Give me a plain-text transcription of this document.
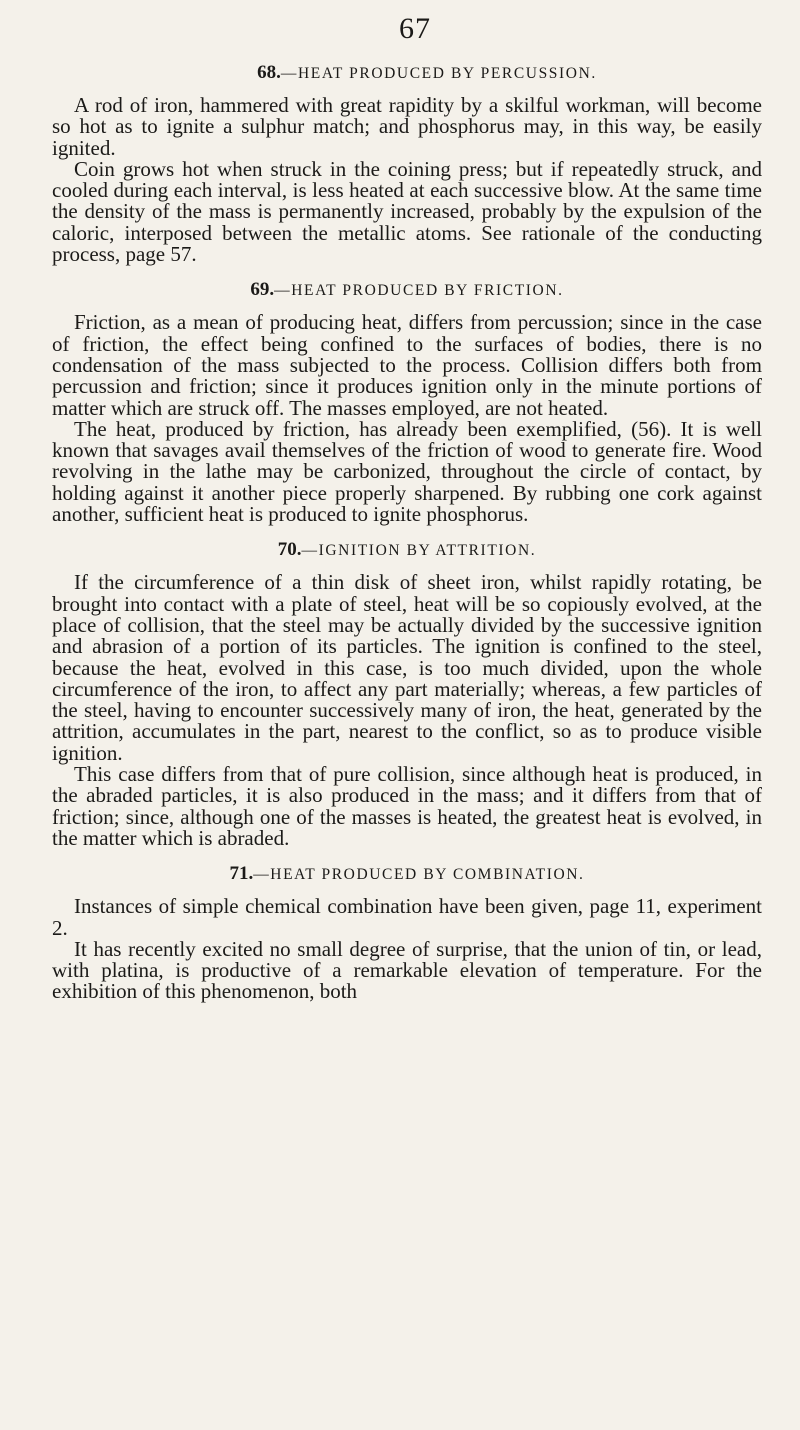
67
68.—HEAT PRODUCED BY PERCUSSION.

A rod of iron, hammered with great rapidity by a skilful workman, will become so hot as to ignite a sulphur match; and phosphorus may, in this way, be easily ignited.

Coin grows hot when struck in the coining press; but if repeatedly struck, and cooled during each interval, is less heated at each successive blow. At the same time the density of the mass is permanently increased, probably by the expulsion of the caloric, interposed between the metallic atoms. See rationale of the conducting process, page 57.

69.—HEAT PRODUCED BY FRICTION.

Friction, as a mean of producing heat, differs from percussion; since in the case of friction, the effect being confined to the surfaces of bodies, there is no condensation of the mass subjected to the process. Collision differs both from percussion and friction; since it produces ignition only in the minute portions of matter which are struck off. The masses employed, are not heated.

The heat, produced by friction, has already been exemplified, (56). It is well known that savages avail themselves of the friction of wood to generate fire. Wood revolving in the lathe may be carbonized, throughout the circle of contact, by holding against it another piece properly sharpened. By rubbing one cork against another, sufficient heat is produced to ignite phosphorus.

70.—IGNITION BY ATTRITION.

If the circumference of a thin disk of sheet iron, whilst rapidly rotating, be brought into contact with a plate of steel, heat will be so copiously evolved, at the place of collision, that the steel may be actually divided by the successive ignition and abrasion of a portion of its particles. The ignition is confined to the steel, because the heat, evolved in this case, is too much divided, upon the whole circumference of the iron, to affect any part materially; whereas, a few particles of the steel, having to encounter successively many of iron, the heat, generated by the attrition, accumulates in the part, nearest to the conflict, so as to produce visible ignition.

This case differs from that of pure collision, since although heat is produced, in the abraded particles, it is also produced in the mass; and it differs from that of friction; since, although one of the masses is heated, the greatest heat is evolved, in the matter which is abraded.

71.—HEAT PRODUCED BY COMBINATION.

Instances of simple chemical combination have been given, page 11, experiment 2.

It has recently excited no small degree of surprise, that the union of tin, or lead, with platina, is productive of a remarkable elevation of temperature. For the exhibition of this phenomenon, both
